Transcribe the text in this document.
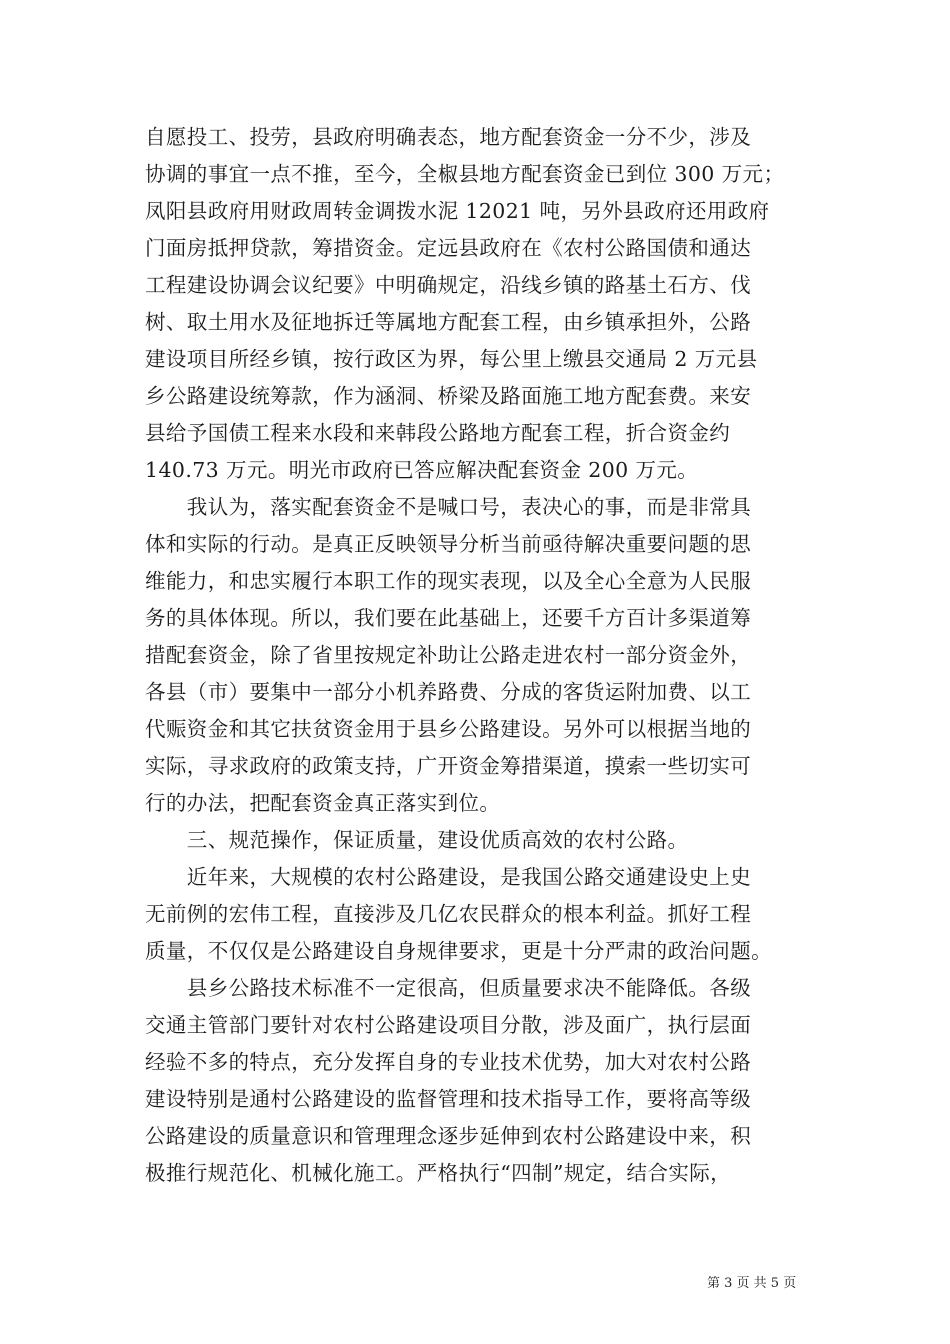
自愿投工、投劳，县政府明确表态，地方配套资金一分不少，涉及
协调的事宜一点不推，至今，全椒县地方配套资金已到位 300 万元；
凤阳县政府用财政周转金调拨水泥 12021 吨，另外县政府还用政府
门面房抵押贷款，筹措资金。定远县政府在《农村公路国债和通达
工程建设协调会议纪要》中明确规定，沿线乡镇的路基土石方、伐
树、取土用水及征地拆迁等属地方配套工程，由乡镇承担外，公路
建设项目所经乡镇，按行政区为界，每公里上缴县交通局 2 万元县
乡公路建设统筹款，作为涵洞、桥梁及路面施工地方配套费。来安
县给予国债工程来水段和来韩段公路地方配套工程，折合资金约
140.73 万元。明光市政府已答应解决配套资金 200 万元。
　　我认为，落实配套资金不是喊口号，表决心的事，而是非常具
体和实际的行动。是真正反映领导分析当前亟待解决重要问题的思
维能力，和忠实履行本职工作的现实表现，以及全心全意为人民服
务的具体体现。所以，我们要在此基础上，还要千方百计多渠道筹
措配套资金，除了省里按规定补助让公路走进农村一部分资金外，
各县（市）要集中一部分小机养路费、分成的客货运附加费、以工
代赈资金和其它扶贫资金用于县乡公路建设。另外可以根据当地的
实际，寻求政府的政策支持，广开资金筹措渠道，摸索一些切实可
行的办法，把配套资金真正落实到位。
　　三、规范操作，保证质量，建设优质高效的农村公路。
　　近年来，大规模的农村公路建设，是我国公路交通建设史上史
无前例的宏伟工程，直接涉及几亿农民群众的根本利益。抓好工程
质量，不仅仅是公路建设自身规律要求，更是十分严肃的政治问题。
　　县乡公路技术标准不一定很高，但质量要求决不能降低。各级
交通主管部门要针对农村公路建设项目分散，涉及面广，执行层面
经验不多的特点，充分发挥自身的专业技术优势，加大对农村公路
建设特别是通村公路建设的监督管理和技术指导工作，要将高等级
公路建设的质量意识和管理理念逐步延伸到农村公路建设中来，积
极推行规范化、机械化施工。严格执行“四制”规定，结合实际，
第 3 页 共 5 页
